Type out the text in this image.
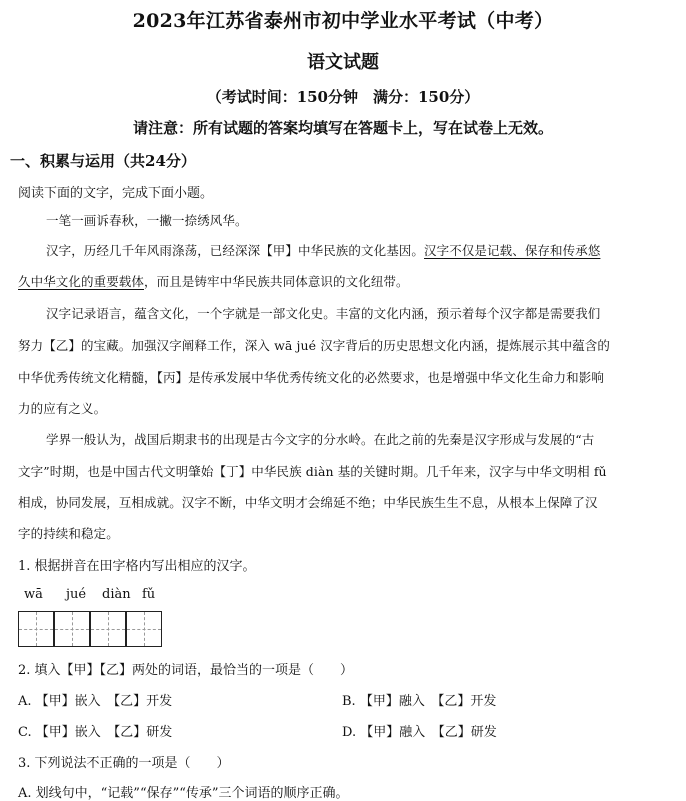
2023年江苏省泰州市初中学业水平考试（中考）
语文试题
（考试时间：150分钟　满分：150分）
请注意：所有试题的答案均填写在答题卡上，写在试卷上无效。
一、积累与运用（共24分）
阅读下面的文字，完成下面小题。
一笔一画诉春秋，一撇一捺绣风华。
汉字，历经几千年风雨涤荡，已经深深【甲】中华民族的文化基因。汉字不仅是记载、保存和传承悠
久中华文化的重要载体，而且是铸牢中华民族共同体意识的文化纽带。
汉字记录语言，蕴含文化，一个字就是一部文化史。丰富的文化内涵，预示着每个汉字都是需要我们
努力【乙】的宝藏。加强汉字阐释工作，深入 wā jué 汉字背后的历史思想文化内涵，提炼展示其中蕴含的
中华优秀传统文化精髓，【丙】是传承发展中华优秀传统文化的必然要求，也是增强中华文化生命力和影响
力的应有之义。
学界一般认为，战国后期隶书的出现是古今文字的分水岭。在此之前的先秦是汉字形成与发展的“古
文字”时期，也是中国古代文明肇始【丁】中华民族 diàn 基的关键时期。几千年来，汉字与中华文明相 fǔ
相成，协同发展，互相成就。汉字不断，中华文明才会绵延不绝；中华民族生生不息，从根本上保障了汉
字的持续和稳定。
1. 根据拼音在田字格内写出相应的汉字。
wā jué diàn fǔ
2. 填入【甲】【乙】两处的词语，最恰当的一项是（　　）
A. 【甲】嵌入　【乙】开发	B. 【甲】融入　【乙】开发
C. 【甲】嵌入　【乙】研发	D. 【甲】融入　【乙】研发
3. 下列说法不正确的一项是（　　）
A. 划线句中，“记载”“保存”“传承”三个词语的顺序正确。
